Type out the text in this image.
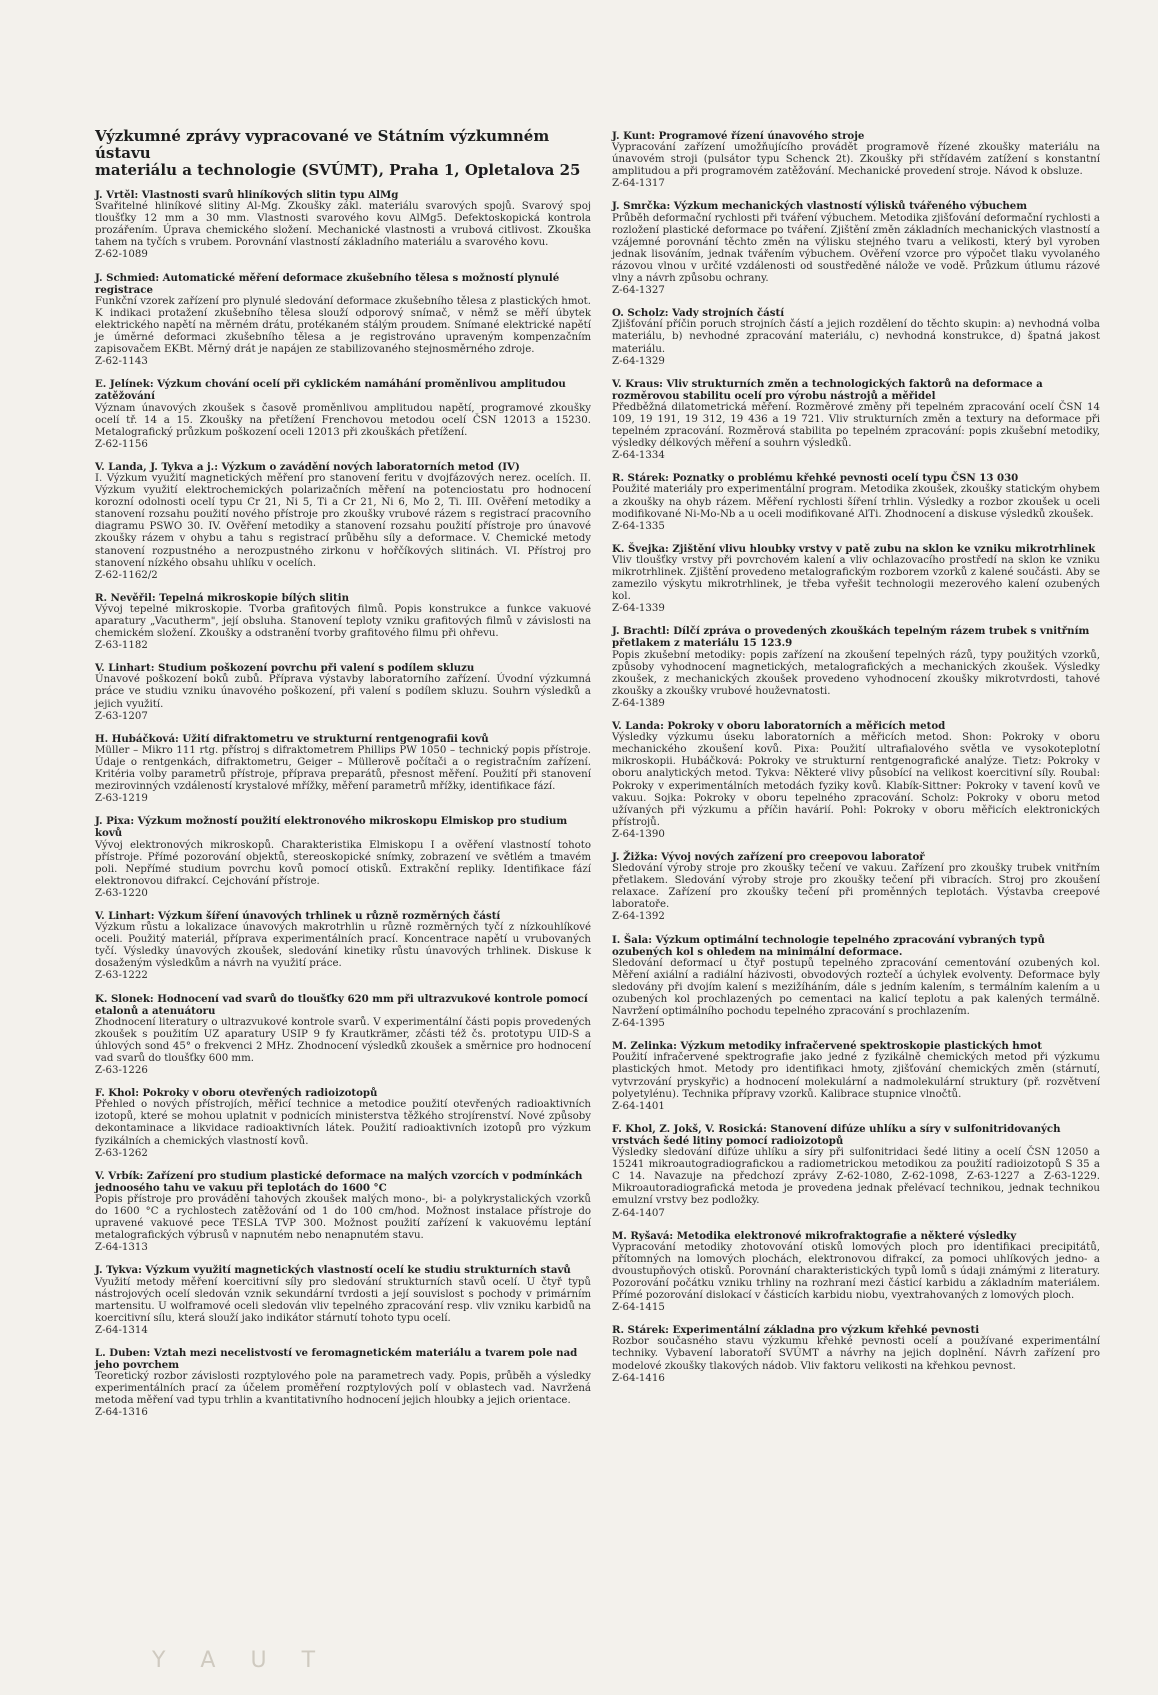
Výzkumné zprávy vypracované ve Státním výzkumném ústavu
materiálu a technologie (SVÚMT), Praha 1, Opletalova 25

J. Vrtěl: Vlastnosti svarů hliníkových slitin typu AlMg

Svařitelné hliníkové slitiny Al-Mg. Zkoušky zákl. materiálu svarových spojů. Svarový spoj tloušťky 12 mm a 30 mm. Vlastnosti svarového kovu AlMg5. Defektoskopická kontrola prozářením. Úprava chemického složení. Mechanické vlastnosti a vrubová citlivost. Zkouška tahem na tyčích s vrubem. Porovnání vlastností základního materiálu a svarového kovu.

Z-62-1089

J. Schmied: Automatické měření deformace zkušebního tělesa s možností plynulé registrace

Funkční vzorek zařízení pro plynulé sledování deformace zkušebního tělesa z plastických hmot. K indikaci protažení zkušebního tělesa slouží odporový snímač, v němž se měří úbytek elektrického napětí na měrném drátu, protékaném stálým proudem. Snímané elektrické napětí je úměrné deformaci zkušebního tělesa a je registrováno upraveným kompenzačním zapisovačem EKBt. Měrný drát je napájen ze stabilizovaného stejnosměrného zdroje.

Z-62-1143

E. Jelínek: Výzkum chování ocelí při cyklickém namáhání proměnlivou amplitudou zatěžování

Význam únavových zkoušek s časově proměnlivou amplitudou napětí, programové zkoušky ocelí tř. 14 a 15. Zkoušky na přetížení Frenchovou metodou ocelí ČSN 12013 a 15230. Metalografický průzkum poškození oceli 12013 při zkouškách přetížení.

Z-62-1156

V. Landa, J. Tykva a j.: Výzkum o zavádění nových laboratorních metod (IV)

I. Výzkum využití magnetických měření pro stanovení feritu v dvojfázových nerez. ocelích. II. Výzkum využití elektrochemických polarizačních měření na potenciostatu pro hodnocení korozní odolnosti ocelí typu Cr 21, Ni 5, Ti a Cr 21, Ni 6, Mo 2, Ti. III. Ověření metodiky a stanovení rozsahu použití nového přístroje pro zkoušky vrubové rázem s registrací pracovního diagramu PSWO 30. IV. Ověření metodiky a stanovení rozsahu použití přístroje pro únavové zkoušky rázem v ohybu a tahu s registrací průběhu síly a deformace. V. Chemické metody stanovení rozpustného a nerozpustného zirkonu v hořčíkových slitinách. VI. Přístroj pro stanovení nízkého obsahu uhlíku v ocelích.

Z-62-1162/2

R. Nevěřil: Tepelná mikroskopie bílých slitin

Vývoj tepelné mikroskopie. Tvorba grafitových filmů. Popis konstrukce a funkce vakuové aparatury „Vacutherm", její obsluha. Stanovení teploty vzniku grafitových filmů v závislosti na chemickém složení. Zkoušky a odstranění tvorby grafitového filmu při ohřevu.

Z-63-1182

V. Linhart: Studium poškození povrchu při valení s podílem skluzu

Únavové poškození boků zubů. Příprava výstavby laboratorního zařízení. Úvodní výzkumná práce ve studiu vzniku únavového poškození, při valení s podílem skluzu. Souhrn výsledků a jejich využití.

Z-63-1207

H. Hubáčková: Užití difraktometru ve strukturní rentgenografii kovů

Müller – Mikro 111 rtg. přístroj s difraktometrem Phillips PW 1050 – technický popis přístroje. Údaje o rentgenkách, difraktometru, Geiger – Müllerově počítači a o registračním zařízení. Kritéria volby parametrů přístroje, příprava preparátů, přesnost měření. Použití při stanovení mezirovinných vzdáleností krystalové mřížky, měření parametrů mřížky, identifikace fází.

Z-63-1219

J. Pixa: Výzkum možností použití elektronového mikroskopu Elmiskop pro studium kovů

Vývoj elektronových mikroskopů. Charakteristika Elmiskopu I a ověření vlastností tohoto přístroje. Přímé pozorování objektů, stereoskopické snímky, zobrazení ve světlém a tmavém poli. Nepřímé studium povrchu kovů pomocí otisků. Extrakční repliky. Identifikace fází elektronovou difrakcí. Cejchování přístroje.

Z-63-1220

V. Linhart: Výzkum šíření únavových trhlinek u různě rozměrných částí

Výzkum růstu a lokalizace únavových makrotrhlin u různě rozměrných tyčí z nízkouhlíkové oceli. Použitý materiál, příprava experimentálních prací. Koncentrace napětí u vrubovaných tyčí. Výsledky únavových zkoušek, sledování kinetiky růstu únavových trhlinek. Diskuse k dosaženým výsledkům a návrh na využití práce.

Z-63-1222

K. Slonek: Hodnocení vad svarů do tloušťky 620 mm při ultrazvukové kontrole pomocí etalonů a atenuátoru

Zhodnocení literatury o ultrazvukové kontrole svarů. V experimentální části popis provedených zkoušek s použitím UZ aparatury USIP 9 fy Krautkrämer, zčásti též čs. prototypu UID-S a úhlových sond 45° o frekvenci 2 MHz. Zhodnocení výsledků zkoušek a směrnice pro hodnocení vad svarů do tloušťky 600 mm.

Z-63-1226

F. Khol: Pokroky v oboru otevřených radioizotopů

Přehled o nových přístrojích, měřicí technice a metodice použití otevřených radioaktivních izotopů, které se mohou uplatnit v podnicích ministerstva těžkého strojírenství. Nové způsoby dekontaminace a likvidace radioaktivních látek. Použití radioaktivních izotopů pro výzkum fyzikálních a chemických vlastností kovů.

Z-63-1262

V. Vrbík: Zařízení pro studium plastické deformace na malých vzorcích v podmínkách jednoosého tahu ve vakuu při teplotách do 1600 °C

Popis přístroje pro provádění tahových zkoušek malých mono-, bi- a polykrystalických vzorků do 1600 °C a rychlostech zatěžování od 1 do 100 cm/hod. Možnost instalace přístroje do upravené vakuové pece TESLA TVP 300. Možnost použití zařízení k vakuovému leptání metalografických výbrusů v napnutém nebo nenapnutém stavu.

Z-64-1313

J. Tykva: Výzkum využití magnetických vlastností ocelí ke studiu strukturních stavů

Využití metody měření koercitivní síly pro sledování strukturních stavů ocelí. U čtyř typů nástrojových ocelí sledován vznik sekundární tvrdosti a její souvislost s pochody v primárním martensitu. U wolframové oceli sledován vliv tepelného zpracování resp. vliv vzniku karbidů na koercitivní sílu, která slouží jako indikátor stárnutí tohoto typu ocelí.

Z-64-1314

L. Duben: Vztah mezi necelistvostí ve feromagnetickém materiálu a tvarem pole nad jeho povrchem

Teoretický rozbor závislosti rozptylového pole na parametrech vady. Popis, průběh a výsledky experimentálních prací za účelem proměření rozptylových polí v oblastech vad. Navržená metoda měření vad typu trhlin a kvantitativního hodnocení jejich hloubky a jejich orientace.

Z-64-1316

J. Kunt: Programové řízení únavového stroje

Vypracování zařízení umožňujícího provádět programově řízené zkoušky materiálu na únavovém stroji (pulsátor typu Schenck 2t). Zkoušky při střídavém zatížení s konstantní amplitudou a při programovém zatěžování. Mechanické provedení stroje. Návod k obsluze.

Z-64-1317

J. Smrčka: Výzkum mechanických vlastností výlisků tvářeného výbuchem

Průběh deformační rychlosti při tváření výbuchem. Metodika zjišťování deformační rychlosti a rozložení plastické deformace po tváření. Zjištění změn základních mechanických vlastností a vzájemné porovnání těchto změn na výlisku stejného tvaru a velikosti, který byl vyroben jednak lisováním, jednak tvářením výbuchem. Ověření vzorce pro výpočet tlaku vyvolaného rázovou vlnou v určité vzdálenosti od soustředěné nálože ve vodě. Průzkum útlumu rázové vlny a návrh způsobu ochrany.

Z-64-1327

O. Scholz: Vady strojních částí

Zjišťování příčin poruch strojních částí a jejich rozdělení do těchto skupin: a) nevhodná volba materiálu, b) nevhodné zpracování materiálu, c) nevhodná konstrukce, d) špatná jakost materiálu.

Z-64-1329

V. Kraus: Vliv strukturních změn a technologických faktorů na deformace a rozměrovou stabilitu ocelí pro výrobu nástrojů a měřidel

Předběžná dilatometrická měření. Rozměrové změny při tepelném zpracování ocelí ČSN 14 109, 19 191, 19 312, 19 436 a 19 721. Vliv strukturních změn a textury na deformace při tepelném zpracování. Rozměrová stabilita po tepelném zpracování: popis zkušební metodiky, výsledky délkových měření a souhrn výsledků.

Z-64-1334

R. Stárek: Poznatky o problému křehké pevnosti ocelí typu ČSN 13 030

Použité materiály pro experimentální program. Metodika zkoušek, zkoušky statickým ohybem a zkoušky na ohyb rázem. Měření rychlosti šíření trhlin. Výsledky a rozbor zkoušek u oceli modifikované Ni-Mo-Nb a u oceli modifikované AlTi. Zhodnocení a diskuse výsledků zkoušek.

Z-64-1335

K. Švejka: Zjištění vlivu hloubky vrstvy v patě zubu na sklon ke vzniku mikrotrhlinek

Vliv tloušťky vrstvy při povrchovém kalení a vliv ochlazovacího prostředí na sklon ke vzniku mikrotrhlinek. Zjištění provedeno metalografickým rozborem vzorků z kalené součásti. Aby se zamezilo výskytu mikrotrhlinek, je třeba vyřešit technologii mezerového kalení ozubených kol.

Z-64-1339

J. Brachtl: Dílčí zpráva o provedených zkouškách tepelným rázem trubek s vnitřním přetlakem z materiálu 15 123.9

Popis zkušební metodiky: popis zařízení na zkoušení tepelných rázů, typy použitých vzorků, způsoby vyhodnocení magnetických, metalografických a mechanických zkoušek. Výsledky zkoušek, z mechanických zkoušek provedeno vyhodnocení zkoušky mikrotvrdosti, tahové zkoušky a zkoušky vrubové houževnatosti.

Z-64-1389

V. Landa: Pokroky v oboru laboratorních a měřicích metod

Výsledky výzkumu úseku laboratorních a měřicích metod. Shon: Pokroky v oboru mechanického zkoušení kovů. Pixa: Použití ultrafialového světla ve vysokoteplotní mikroskopii. Hubáčková: Pokroky ve strukturní rentgenografické analýze. Tietz: Pokroky v oboru analytických metod. Tykva: Některé vlivy působící na velikost koercitivní síly. Roubal: Pokroky v experimentálních metodách fyziky kovů. Klabík-Sittner: Pokroky v tavení kovů ve vakuu. Sojka: Pokroky v oboru tepelného zpracování. Scholz: Pokroky v oboru metod užívaných při výzkumu a příčin havárií. Pohl: Pokroky v oboru měřicích elektronických přístrojů.

Z-64-1390

J. Žižka: Vývoj nových zařízení pro creepovou laboratoř

Sledování výroby stroje pro zkoušky tečení ve vakuu. Zařízení pro zkoušky trubek vnitřním přetlakem. Sledování výroby stroje pro zkoušky tečení při vibracích. Stroj pro zkoušení relaxace. Zařízení pro zkoušky tečení při proměnných teplotách. Výstavba creepové laboratoře.

Z-64-1392

I. Šala: Výzkum optimální technologie tepelného zpracování vybraných typů ozubených kol s ohledem na minimální deformace.

Sledování deformací u čtyř postupů tepelného zpracování cementování ozubených kol. Měření axiální a radiální házivosti, obvodových roztečí a úchylek evolventy. Deformace byly sledovány při dvojím kalení s mezižíháním, dále s jedním kalením, s termálním kalením a u ozubených kol prochlazených po cementaci na kalicí teplotu a pak kalených termálně. Navržení optimálního pochodu tepelného zpracování s prochlazením.

Z-64-1395

M. Zelinka: Výzkum metodiky infračervené spektroskopie plastických hmot

Použití infračervené spektrografie jako jedné z fyzikálně chemických metod při výzkumu plastických hmot. Metody pro identifikaci hmoty, zjišťování chemických změn (stárnutí, vytvrzování pryskyřic) a hodnocení molekulární a nadmolekulární struktury (př. rozvětvení polyetylénu). Technika přípravy vzorků. Kalibrace stupnice vlnočtů.

Z-64-1401

F. Khol, Z. Jokš, V. Rosická: Stanovení difúze uhlíku a síry v sulfonitridovaných vrstvách šedé litiny pomocí radioizotopů

Výsledky sledování difúze uhlíku a síry při sulfonitridaci šedé litiny a ocelí ČSN 12050 a 15241 mikroautogradiografickou a radiometrickou metodikou za použití radioizotopů S 35 a C 14. Navazuje na předchozí zprávy Z-62-1080, Z-62-1098, Z-63-1227 a Z-63-1229. Mikroautoradiografická metoda je provedena jednak přelévací technikou, jednak technikou emulzní vrstvy bez podložky.

Z-64-1407

M. Ryšavá: Metodika elektronové mikrofraktografie a některé výsledky

Vypracování metodiky zhotovování otisků lomových ploch pro identifikaci precipitátů, přítomných na lomových plochách, elektronovou difrakcí, za pomoci uhlíkových jedno- a dvoustupňových otisků. Porovnání charakteristických typů lomů s údaji známými z literatury. Pozorování počátku vzniku trhliny na rozhraní mezi částicí karbidu a základním materiálem. Přímé pozorování dislokací v částicích karbidu niobu, vyextrahovaných z lomových ploch.

Z-64-1415

R. Stárek: Experimentální základna pro výzkum křehké pevnosti

Rozbor současného stavu výzkumu křehké pevnosti ocelí a používané experimentální techniky. Vybavení laboratoří SVÚMT a návrhy na jejich doplnění. Návrh zařízení pro modelové zkoušky tlakových nádob. Vliv faktoru velikosti na křehkou pevnost.

Z-64-1416

Y A U T
